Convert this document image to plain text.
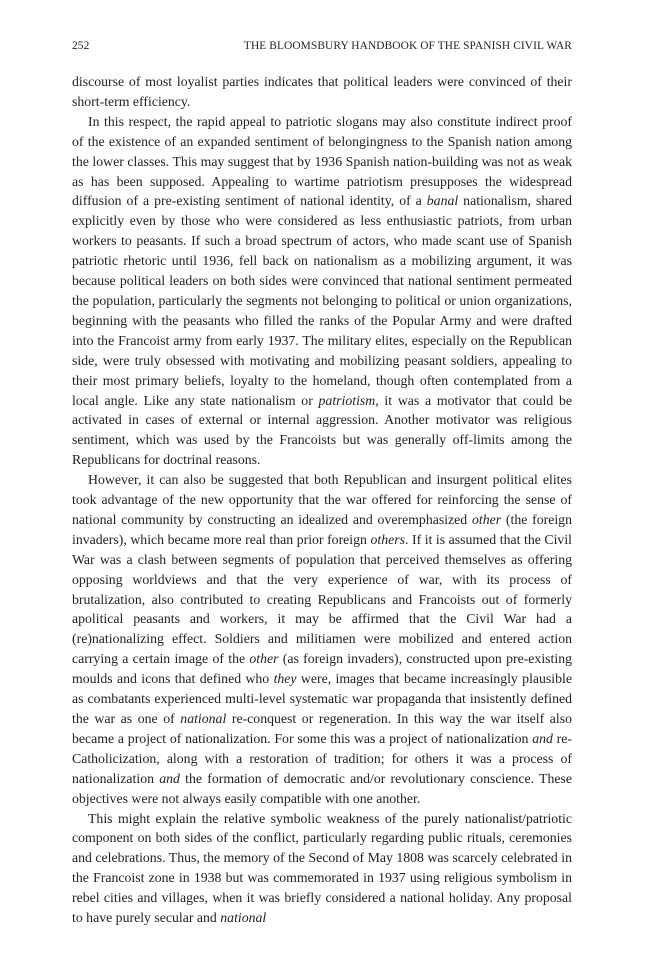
252	THE BLOOMSBURY HANDBOOK OF THE SPANISH CIVIL WAR

discourse of most loyalist parties indicates that political leaders were convinced of their short-term efficiency.

In this respect, the rapid appeal to patriotic slogans may also constitute indirect proof of the existence of an expanded sentiment of belongingness to the Spanish nation among the lower classes. This may suggest that by 1936 Spanish nation-building was not as weak as has been supposed. Appealing to wartime patriotism presupposes the widespread diffusion of a pre-existing sentiment of national identity, of a banal nationalism, shared explicitly even by those who were considered as less enthusiastic patriots, from urban workers to peasants. If such a broad spectrum of actors, who made scant use of Spanish patriotic rhetoric until 1936, fell back on nationalism as a mobilizing argument, it was because political leaders on both sides were convinced that national sentiment permeated the population, particularly the segments not belonging to political or union organizations, beginning with the peasants who filled the ranks of the Popular Army and were drafted into the Francoist army from early 1937. The military elites, especially on the Republican side, were truly obsessed with motivating and mobilizing peasant soldiers, appealing to their most primary beliefs, loyalty to the homeland, though often contemplated from a local angle. Like any state nationalism or patriotism, it was a motivator that could be activated in cases of external or internal aggression. Another motivator was religious sentiment, which was used by the Francoists but was generally off-limits among the Republicans for doctrinal reasons.

However, it can also be suggested that both Republican and insurgent political elites took advantage of the new opportunity that the war offered for reinforcing the sense of national community by constructing an idealized and overemphasized other (the foreign invaders), which became more real than prior foreign others. If it is assumed that the Civil War was a clash between segments of population that perceived themselves as offering opposing worldviews and that the very experience of war, with its process of brutalization, also contributed to creating Republicans and Francoists out of formerly apolitical peasants and workers, it may be affirmed that the Civil War had a (re)nationalizing effect. Soldiers and militiamen were mobilized and entered action carrying a certain image of the other (as foreign invaders), constructed upon pre-existing moulds and icons that defined who they were, images that became increasingly plausible as combatants experienced multi-level systematic war propaganda that insistently defined the war as one of national re-conquest or regeneration. In this way the war itself also became a project of nationalization. For some this was a project of nationalization and re-Catholicization, along with a restoration of tradition; for others it was a process of nationalization and the formation of democratic and/or revolutionary conscience. These objectives were not always easily compatible with one another.

This might explain the relative symbolic weakness of the purely nationalist/​patriotic component on both sides of the conflict, particularly regarding public rituals, ceremonies and celebrations. Thus, the memory of the Second of May 1808 was scarcely celebrated in the Francoist zone in 1938 but was commemorated in 1937 using religious symbolism in rebel cities and villages, when it was briefly considered a national holiday. Any proposal to have purely secular and national
